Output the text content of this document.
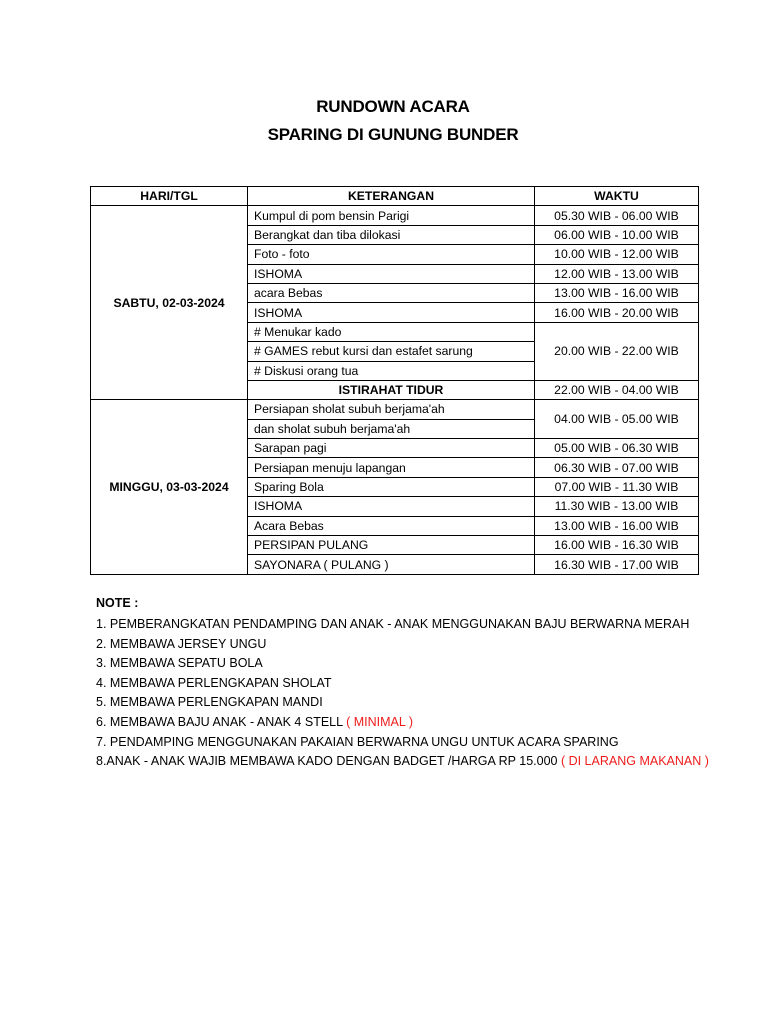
RUNDOWN ACARA
SPARING DI GUNUNG BUNDER
HARI/TGL	KETERANGAN	WAKTU
SABTU, 02-03-2024	Kumpul di pom bensin Parigi	05.30 WIB - 06.00 WIB
	Berangkat dan tiba dilokasi	06.00 WIB - 10.00 WIB
	Foto - foto	10.00 WIB - 12.00 WIB
	ISHOMA	12.00 WIB - 13.00 WIB
	acara Bebas	13.00 WIB - 16.00 WIB
	ISHOMA	16.00 WIB - 20.00 WIB
	# Menukar kado	20.00 WIB - 22.00 WIB
	# GAMES rebut kursi dan estafet sarung	
	# Diskusi orang tua	
	ISTIRAHAT TIDUR	22.00 WIB - 04.00 WIB
MINGGU, 03-03-2024	Persiapan sholat subuh berjama'ah	04.00 WIB - 05.00 WIB
	dan sholat subuh berjama'ah	
	Sarapan pagi	05.00 WIB - 06.30 WIB
	Persiapan menuju lapangan	06.30 WIB - 07.00 WIB
	Sparing Bola	07.00 WIB - 11.30 WIB
	ISHOMA	11.30 WIB - 13.00 WIB
	Acara Bebas	13.00 WIB - 16.00 WIB
	PERSIPAN PULANG	16.00 WIB - 16.30 WIB
	SAYONARA ( PULANG )	16.30 WIB - 17.00 WIB
NOTE :
1. PEMBERANGKATAN PENDAMPING DAN ANAK - ANAK MENGGUNAKAN BAJU BERWARNA MERAH
2. MEMBAWA JERSEY UNGU
3. MEMBAWA SEPATU BOLA
4. MEMBAWA PERLENGKAPAN SHOLAT
5. MEMBAWA PERLENGKAPAN MANDI
6. MEMBAWA BAJU ANAK - ANAK 4 STELL ( MINIMAL )
7. PENDAMPING MENGGUNAKAN PAKAIAN BERWARNA UNGU UNTUK ACARA SPARING
8.ANAK - ANAK WAJIB MEMBAWA KADO DENGAN BADGET /HARGA RP 15.000 ( DI LARANG MAKANAN )
